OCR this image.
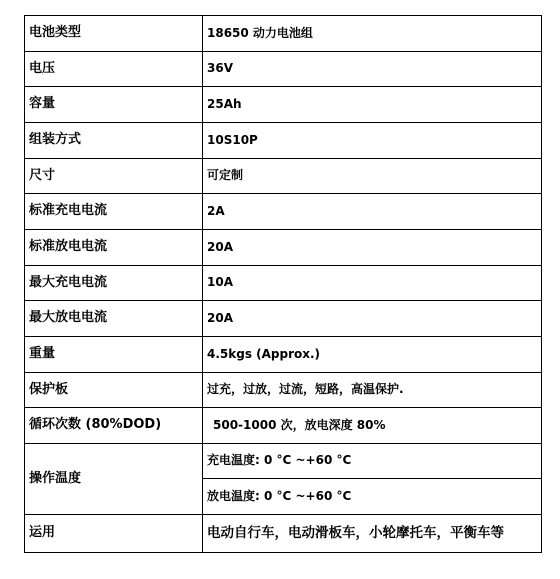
电池类型	18650 动力电池组
电压	36V
容量	25Ah
组装方式	10S10P
尺寸	可定制
标准充电电流	2A
标准放电电流	20A
最大充电电流	10A
最大放电电流	20A
重量	4.5kgs (Approx.)
保护板	过充，过放，过流，短路，高温保护.
循环次数 (80%DOD)	500-1000 次，放电深度 80%
操作温度	充电温度: 0 °C ~+60 °C
	放电温度: 0 °C ~+60 °C
运用	电动自行车，电动滑板车，小轮摩托车，平衡车等
